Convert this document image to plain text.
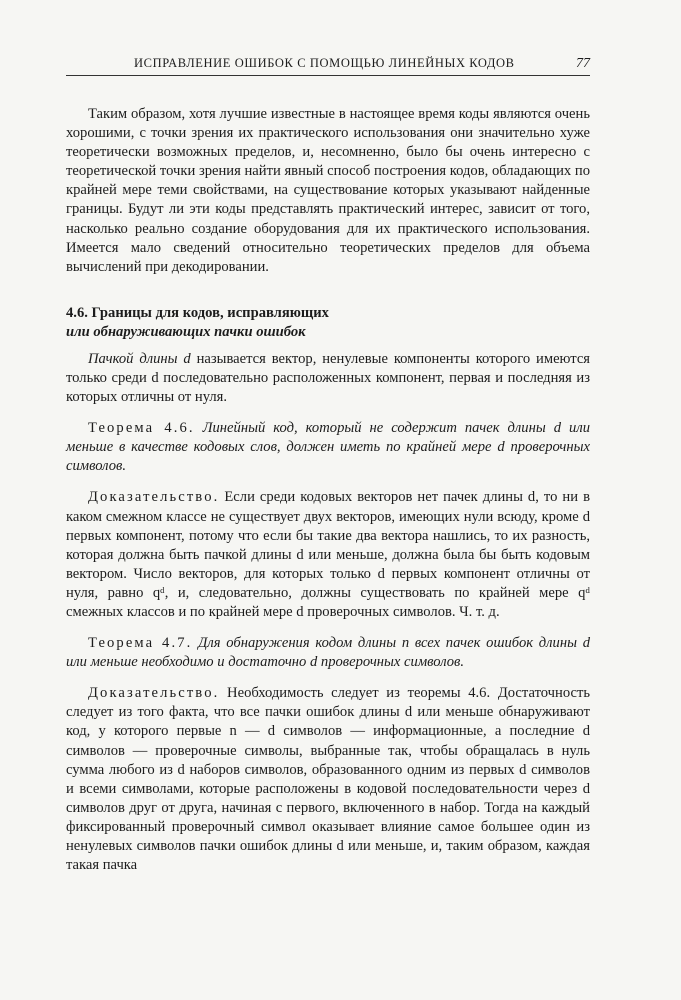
ИСПРАВЛЕНИЕ ОШИБОК С ПОМОЩЬЮ ЛИНЕЙНЫХ КОДОВ	77

Таким образом, хотя лучшие известные в настоящее время коды являются очень хорошими, с точки зрения их практического использования они значительно хуже теоретически возможных пределов, и, несомненно, было бы очень интересно с теоретической точки зрения найти явный способ построения кодов, обладающих по крайней мере теми свойствами, на существование которых указывают найденные границы. Будут ли эти коды представлять практический интерес, зависит от того, насколько реально создание оборудования для их практического использования. Имеется мало сведений относительно теоретических пределов для объема вычислений при декодировании.

4.6. Границы для кодов, исправляющих
или обнаруживающих пачки ошибок

Пачкой длины d называется вектор, ненулевые компоненты которого имеются только среди d последовательно расположенных компонент, первая и последняя из которых отличны от нуля.

Теорема 4.6. Линейный код, который не содержит пачек длины d или меньше в качестве кодовых слов, должен иметь по крайней мере d проверочных символов.

Доказательство. Если среди кодовых векторов нет пачек длины d, то ни в каком смежном классе не существует двух векторов, имеющих нули всюду, кроме d первых компонент, потому что если бы такие два вектора нашлись, то их разность, которая должна быть пачкой длины d или меньше, должна была бы быть кодовым вектором. Число векторов, для которых только d первых компонент отличны от нуля, равно qᵈ, и, следовательно, должны существовать по крайней мере qᵈ смежных классов и по крайней мере d проверочных символов. Ч. т. д.

Теорема 4.7. Для обнаружения кодом длины n всех пачек ошибок длины d или меньше необходимо и достаточно d проверочных символов.

Доказательство. Необходимость следует из теоремы 4.6. Достаточность следует из того факта, что все пачки ошибок длины d или меньше обнаруживают код, у которого первые n — d символов — информационные, а последние d символов — проверочные символы, выбранные так, чтобы обращалась в нуль сумма любого из d наборов символов, образованного одним из первых d символов и всеми символами, которые расположены в кодовой последовательности через d символов друг от друга, начиная с первого, включенного в набор. Тогда на каждый фиксированный проверочный символ оказывает влияние самое большее один из ненулевых символов пачки ошибок длины d или меньше, и, таким образом, каждая такая пачка
